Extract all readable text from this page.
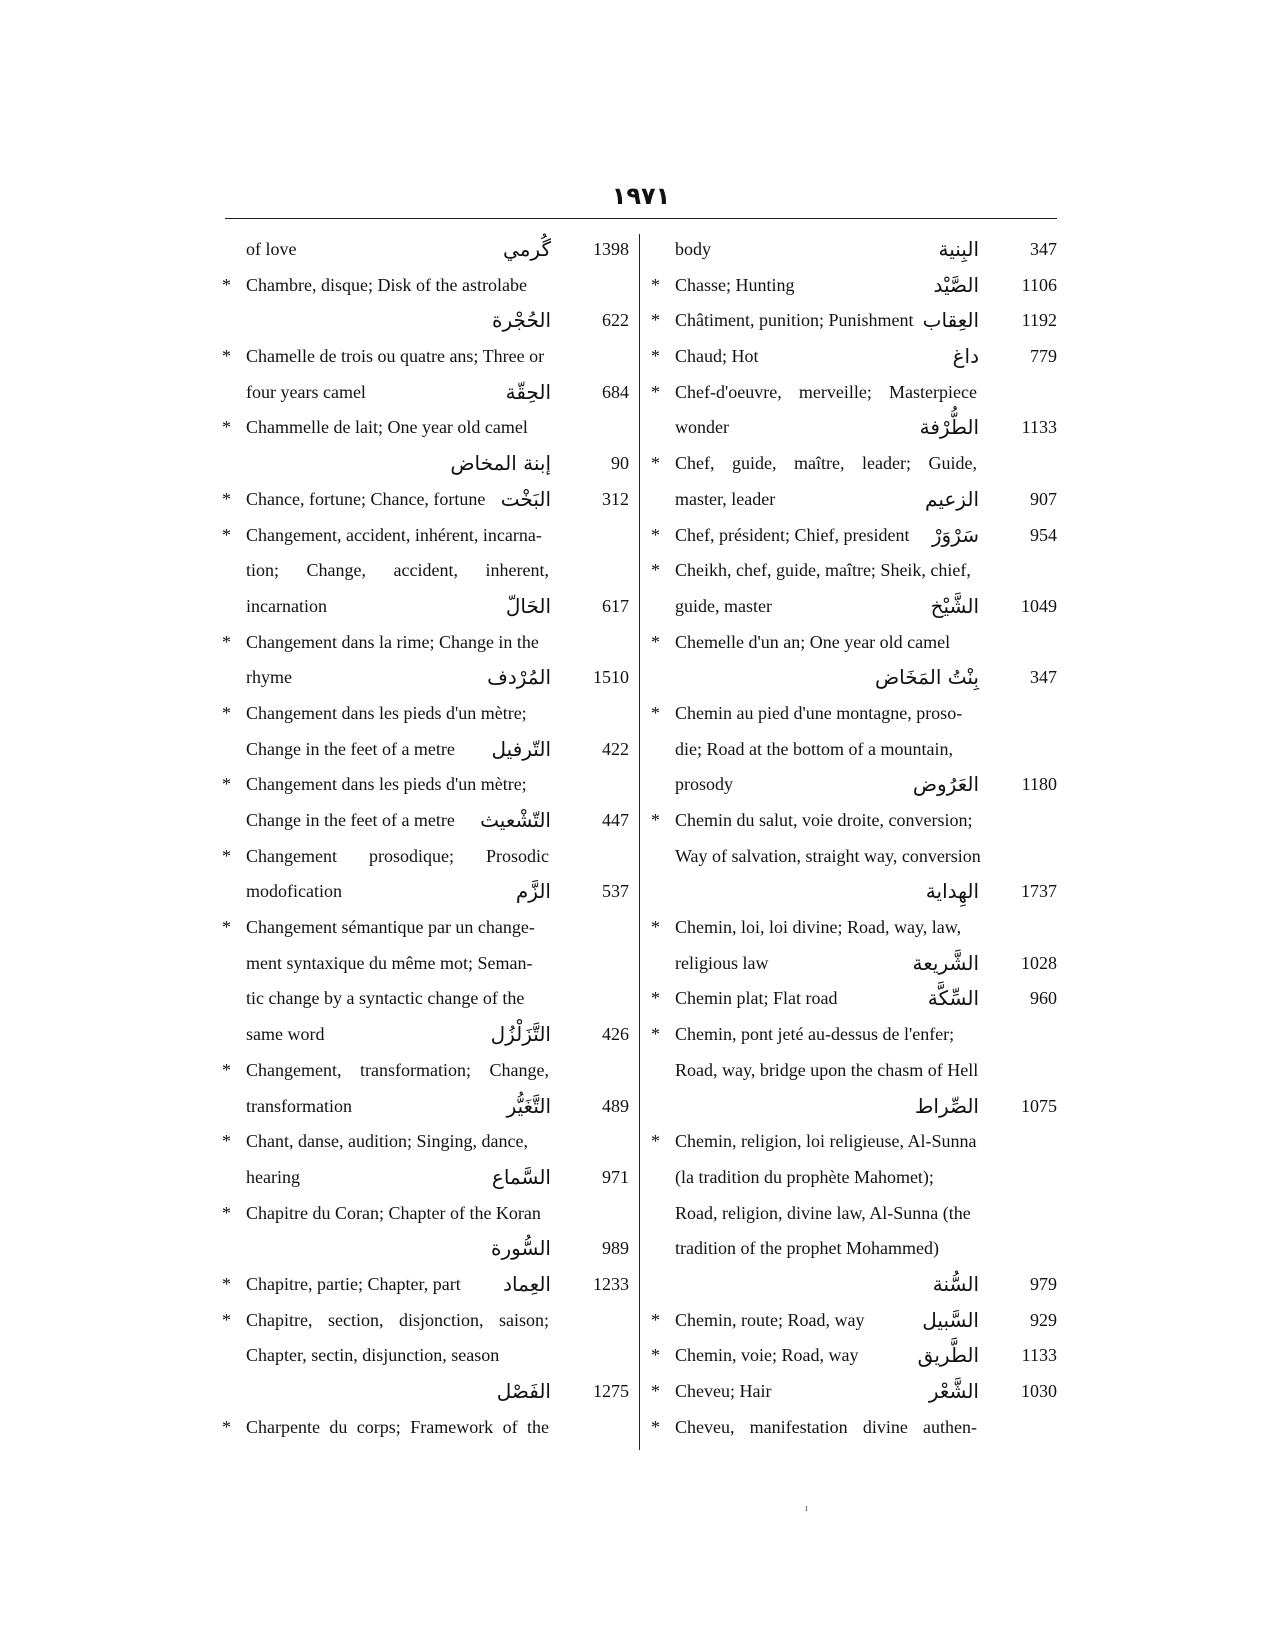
١٩٧١
of love	گُرمي 1398
* Chambre, disque; Disk of the astrolabe
الحُجْرة	622
* Chamelle de trois ou quatre ans; Three or
four years camel	الحِقّة	684
* Chammelle de lait; One year old camel
إبنة المخاض	90
* Chance, fortune; Chance, fortune البَخْت	312
* Changement, accident, inhérent, incarna-
tion; Change, accident, inherent,
incarnation	الحَالّ	617
* Changement dans la rime; Change in the
rhyme	المُرْدف 1510
* Changement dans les pieds d'un mètre;
Change in the feet of a metre	التّرفيل	422
* Changement dans les pieds d'un mètre;
Change in the feet of a metre	التّشْعيث	447
* Changement prosodique; Prosodic
modofication	الزَّم	537
* Changement sémantique par un change-
ment syntaxique du même mot; Seman-
tic change by a syntactic change of the
same word	التَّزَلْزُل	426
* Changement, transformation; Change,
transformation	التَّغَيُّر	489
* Chant, danse, audition; Singing, dance,
hearing	السَّماع	971
* Chapitre du Coran; Chapter of the Koran
السُّورة	989
* Chapitre, partie; Chapter, part	العِماد 1233
* Chapitre, section, disjonction, saison;
Chapter, sectin, disjunction, season
الفَصْل 1275
* Charpente du corps; Framework of the
body	البِنية	347
* Chasse; Hunting	الصَّيْد 1106
* Châtiment, punition; Punishment العِقاب 1192
* Chaud; Hot	داغ	779
* Chef-d'oeuvre, merveille; Masterpiece
wonder	الطُّرْفة 1133
* Chef, guide, maître, leader; Guide,
master, leader	الزعيم	907
* Chef, président; Chief, president	سَرْوَرْ	954
* Cheikh, chef, guide, maître; Sheik, chief,
guide, master	الشَّيْخ 1049
* Chemelle d'un an; One year old camel
بِنْتُ المَخَاض	347
* Chemin au pied d'une montagne, proso-
die; Road at the bottom of a mountain,
prosody	العَرُوض 1180
* Chemin du salut, voie droite, conversion;
Way of salvation, straight way, conversion
الهِداية 1737
* Chemin, loi, loi divine; Road, way, law,
religious law	الشَّريعة 1028
* Chemin plat; Flat road	السِّكَّة	960
* Chemin, pont jeté au-dessus de l'enfer;
Road, way, bridge upon the chasm of Hell
الصِّراط 1075
* Chemin, religion, loi religieuse, Al-Sunna
(la tradition du prophète Mahomet);
Road, religion, divine law, Al-Sunna (the
tradition of the prophet Mohammed)
السُّنة	979
* Chemin, route; Road, way	السَّبيل	929
* Chemin, voie; Road, way	الطَّريق 1133
* Cheveu; Hair	الشَّعْر 1030
* Cheveu, manifestation divine authen-
ı
